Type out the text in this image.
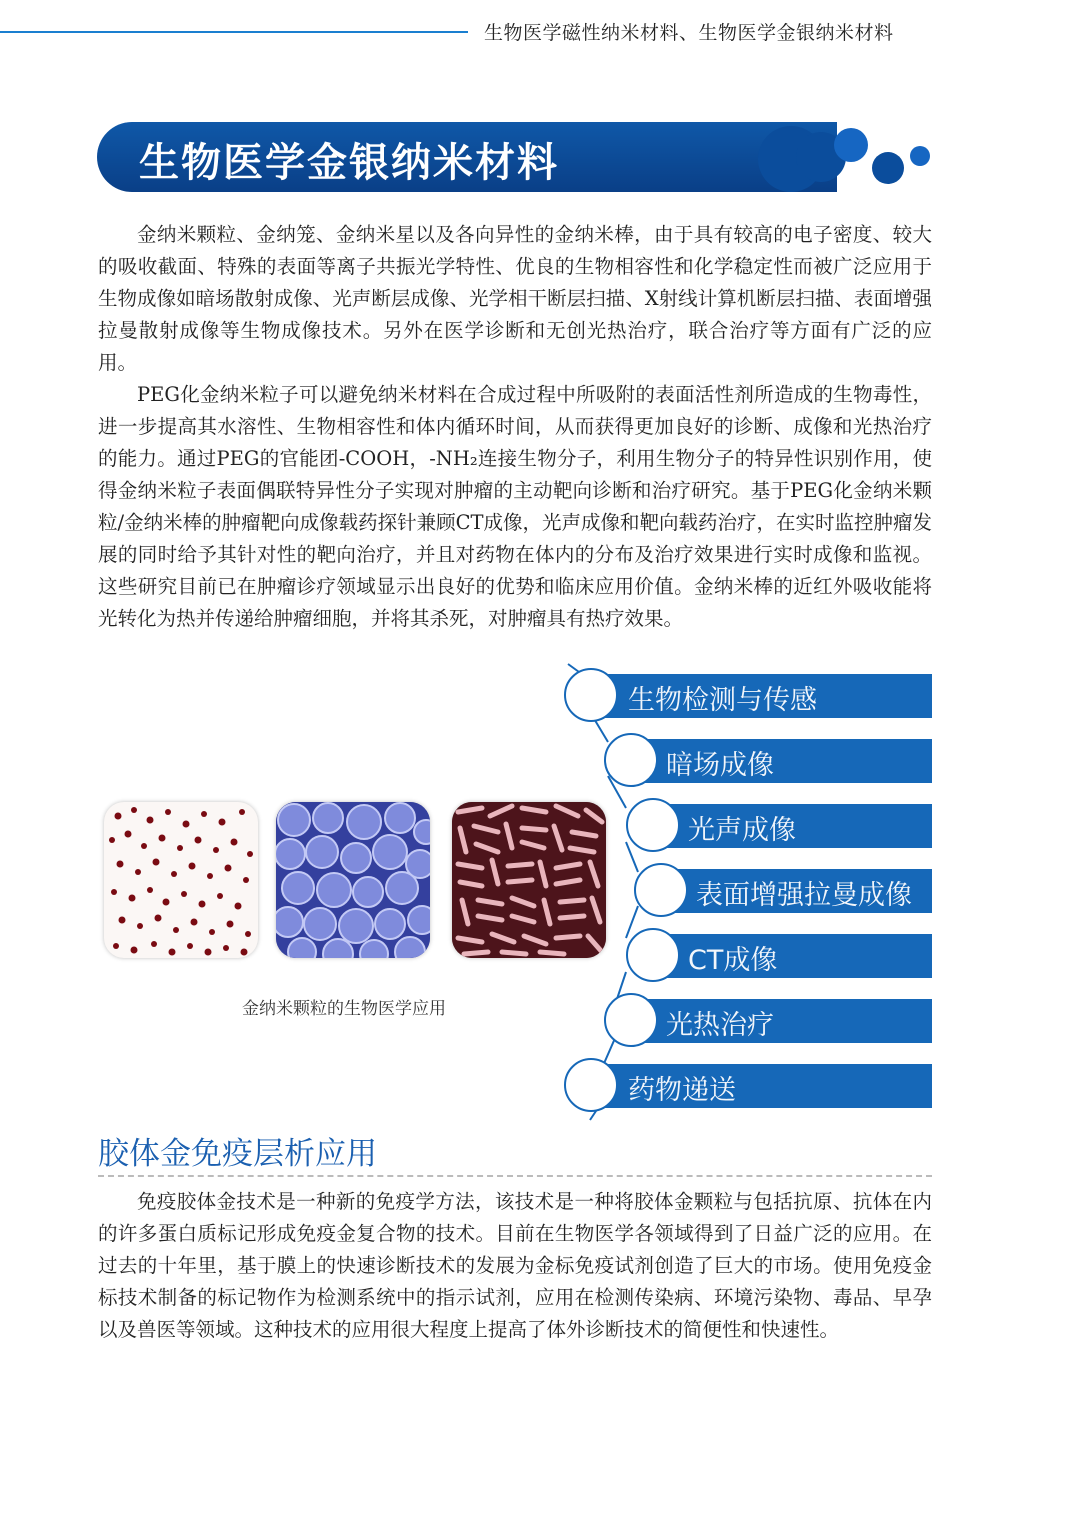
生物医学磁性纳米材料、生物医学金银纳米材料
生物医学金银纳米材料

金纳米颗粒、金纳笼、金纳米星以及各向异性的金纳米棒，由于具有较高的电子密度、较大的吸收截面、特殊的表面等离子共振光学特性、优良的生物相容性和化学稳定性而被广泛应用于生物成像如暗场散射成像、光声断层成像、光学相干断层扫描、X射线计算机断层扫描、表面增强拉曼散射成像等生物成像技术。另外在医学诊断和无创光热治疗，联合治疗等方面有广泛的应用。

PEG化金纳米粒子可以避免纳米材料在合成过程中所吸附的表面活性剂所造成的生物毒性，进一步提高其水溶性、生物相容性和体内循环时间，从而获得更加良好的诊断、成像和光热治疗的能力。通过PEG的官能团-COOH，-NH₂连接生物分子，利用生物分子的特异性识别作用，使得金纳米粒子表面偶联特异性分子实现对肿瘤的主动靶向诊断和治疗研究。基于PEG化金纳米颗粒/金纳米棒的肿瘤靶向成像载药探针兼顾CT成像，光声成像和靶向载药治疗，在实时监控肿瘤发展的同时给予其针对性的靶向治疗，并且对药物在体内的分布及治疗效果进行实时成像和监视。这些研究目前已在肿瘤诊疗领域显示出良好的优势和临床应用价值。金纳米棒的近红外吸收能将光转化为热并传递给肿瘤细胞，并将其杀死，对肿瘤具有热疗效果。

金纳米颗粒的生物医学应用
生物检测与传感
暗场成像
光声成像
表面增强拉曼成像
CT成像
光热治疗
药物递送
胶体金免疫层析应用

免疫胶体金技术是一种新的免疫学方法，该技术是一种将胶体金颗粒与包括抗原、抗体在内的许多蛋白质标记形成免疫金复合物的技术。目前在生物医学各领域得到了日益广泛的应用。在过去的十年里，基于膜上的快速诊断技术的发展为金标免疫试剂创造了巨大的市场。使用免疫金标技术制备的标记物作为检测系统中的指示试剂，应用在检测传染病、环境污染物、毒品、早孕以及兽医等领域。这种技术的应用很大程度上提高了体外诊断技术的简便性和快速性。
